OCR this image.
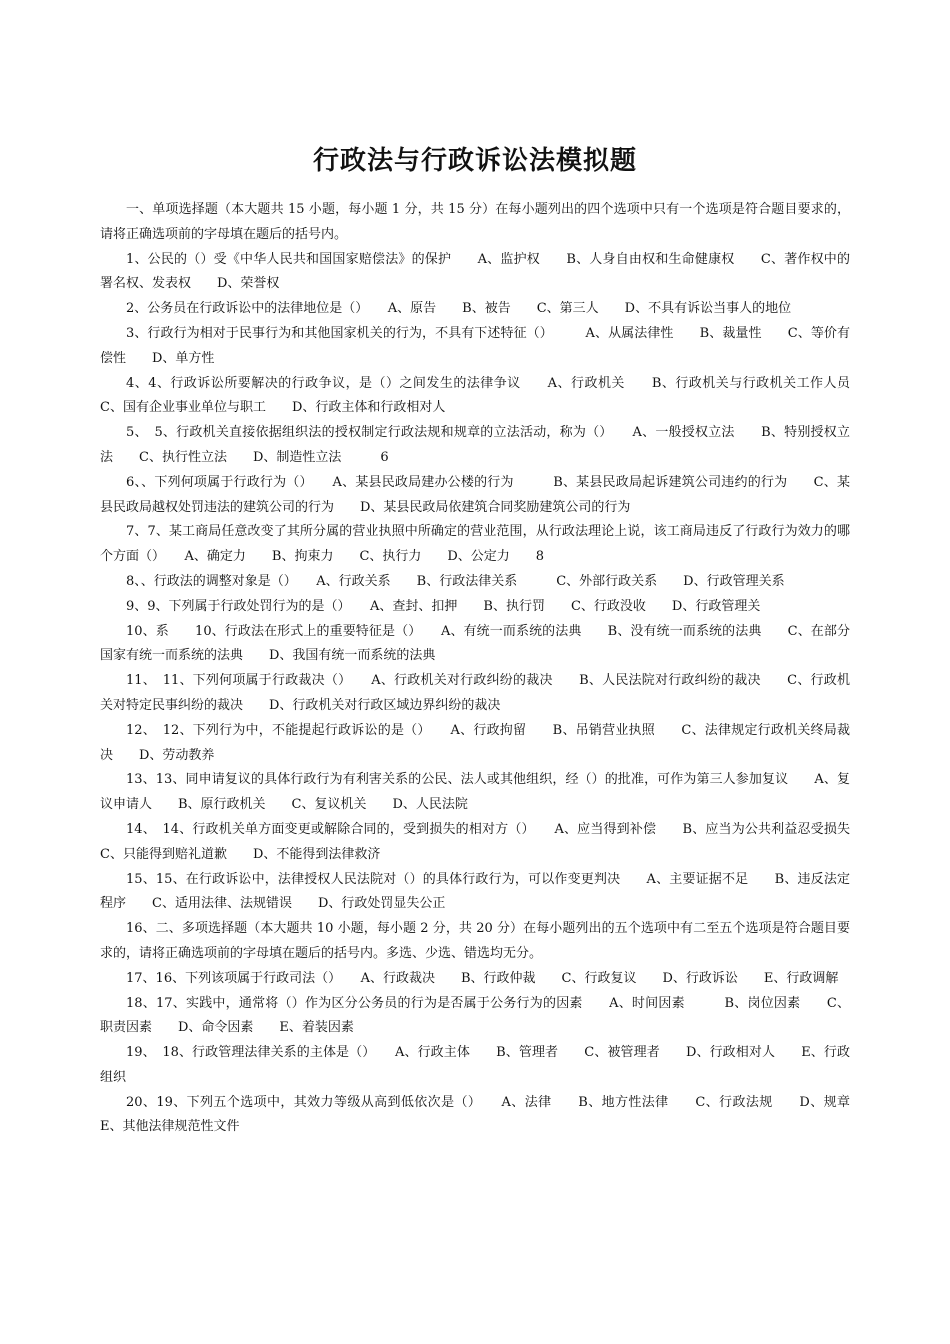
行政法与行政诉讼法模拟题

一、单项选择题（本大题共 15 小题，每小题 1 分，共 15 分）在每小题列出的四个选项中只有一个选项是符合题目要求的，请将正确选项前的字母填在题后的括号内。

1、公民的（）受《中华人民共和国国家赔偿法》的保护　　A、监护权　　B、人身自由权和生命健康权　　C、著作权中的署名权、发表权　　D、荣誉权

2、公务员在行政诉讼中的法律地位是（）　　A、原告　　B、被告　　C、第三人　　D、不具有诉讼当事人的地位

3、行政行为相对于民事行为和其他国家机关的行为，不具有下述特征（）　　　A、从属法律性　　B、裁量性　　C、等价有偿性　　D、单方性

4、4、行政诉讼所要解决的行政争议，是（）之间发生的法律争议　　A、行政机关　　B、行政机关与行政机关工作人员　　C、国有企业事业单位与职工　　D、行政主体和行政相对人

5、　5、行政机关直接依据组织法的授权制定行政法规和规章的立法活动，称为（）　　A、一般授权立法　　B、特别授权立法　　C、执行性立法　　D、制造性立法　　　6

6、、下列何项属于行政行为（）　　A、某县民政局建办公楼的行为　　　B、某县民政局起诉建筑公司违约的行为　　C、某县民政局越权处罚违法的建筑公司的行为　　D、某县民政局依建筑合同奖励建筑公司的行为

7、7、某工商局任意改变了其所分属的营业执照中所确定的营业范围，从行政法理论上说，该工商局违反了行政行为效力的哪个方面（）　　A、确定力　　B、拘束力　　C、执行力　　D、公定力　　8

8、、行政法的调整对象是（）　　A、行政关系　　B、行政法律关系　　　C、外部行政关系　　D、行政管理关系

9、9、下列属于行政处罚行为的是（）　　A、查封、扣押　　B、执行罚　　C、行政没收　　D、行政管理关

10、系　　10、行政法在形式上的重要特征是（）　　A、有统一而系统的法典　　B、没有统一而系统的法典　　C、在部分国家有统一而系统的法典　　D、我国有统一而系统的法典

11、　11、下列何项属于行政裁决（）　　A、行政机关对行政纠纷的裁决　　B、人民法院对行政纠纷的裁决　　C、行政机关对特定民事纠纷的裁决　　D、行政机关对行政区域边界纠纷的裁决

12、　12、下列行为中，不能提起行政诉讼的是（）　　A、行政拘留　　B、吊销营业执照　　C、法律规定行政机关终局裁决　　D、劳动教养

13、13、同申请复议的具体行政行为有利害关系的公民、法人或其他组织，经（）的批准，可作为第三人参加复议　　A、复议申请人　　B、原行政机关　　C、复议机关　　D、人民法院

14、　14、行政机关单方面变更或解除合同的，受到损失的相对方（）　　A、应当得到补偿　　B、应当为公共利益忍受损失　　C、只能得到赔礼道歉　　D、不能得到法律救济

15、15、在行政诉讼中，法律授权人民法院对（）的具体行政行为，可以作变更判决　　A、主要证据不足　　B、违反法定程序　　C、适用法律、法规错误　　D、行政处罚显失公正

16、二、多项选择题（本大题共 10 小题，每小题 2 分，共 20 分）在每小题列出的五个选项中有二至五个选项是符合题目要求的，请将正确选项前的字母填在题后的括号内。多选、少选、错选均无分。

17、16、下列该项属于行政司法（）　　A、行政裁决　　B、行政仲裁　　C、行政复议　　D、行政诉讼　　E、行政调解

18、17、实践中，通常将（）作为区分公务员的行为是否属于公务行为的因素　　A、时间因素　　　B、岗位因素　　C、职责因素　　D、命令因素　　E、着装因素

19、　18、行政管理法律关系的主体是（）　　A、行政主体　　B、管理者　　C、被管理者　　D、行政相对人　　E、行政组织

20、19、下列五个选项中，其效力等级从高到低依次是（）　　A、法律　　B、地方性法律　　C、行政法规　　D、规章　　E、其他法律规范性文件
